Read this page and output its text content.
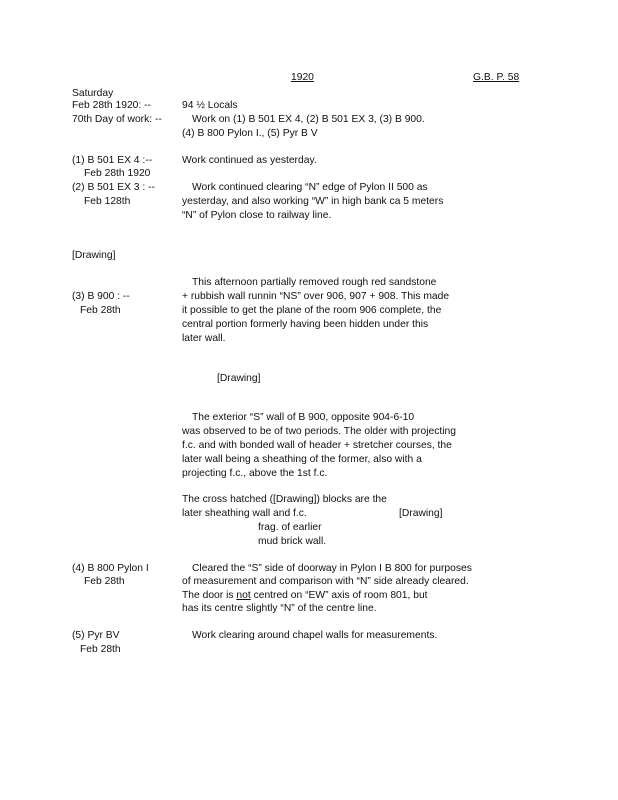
1920	G.B. P. 58
Saturday
Feb 28th 1920: --
70th Day of work: --
94 ½ Locals
Work on (1) B 501 EX 4, (2) B 501 EX 3, (3) B 900.
(4) B 800 Pylon I., (5) Pyr B V
(1) B 501 EX 4 :--
Feb 28th 1920
Work continued as yesterday.
(2) B 501 EX 3 : --
Feb 128th
Work continued clearing “N” edge of Pylon II 500 as
yesterday, and also working “W” in high bank ca 5 meters
“N” of Pylon close to railway line.
[Drawing]
This afternoon partially removed rough red sandstone
(3) B 900 : --
Feb 28th
+ rubbish wall runnin “NS” over 906, 907 + 908. This made
it possible to get the plane of the room 906 complete, the
central portion formerly having been hidden under this
later wall.
[Drawing]
The exterior “S” wall of B 900, opposite 904-6-10
was observed to be of two periods. The older with projecting
f.c. and with bonded wall of header + stretcher courses, the
later wall being a sheathing of the former, also with a
projecting f.c., above the 1st f.c.
The cross hatched ([Drawing]) blocks are the
later sheathing wall and f.c.	[Drawing]
frag. of earlier
mud brick wall.
(4) B 800 Pylon I
Feb 28th
Cleared the “S” side of doorway in Pylon I B 800 for purposes
of measurement and comparison with “N” side already cleared.
The door is not centred on “EW” axis of room 801, but
has its centre slightly “N” of the centre line.
(5) Pyr BV
Feb 28th
Work clearing around chapel walls for measurements.
